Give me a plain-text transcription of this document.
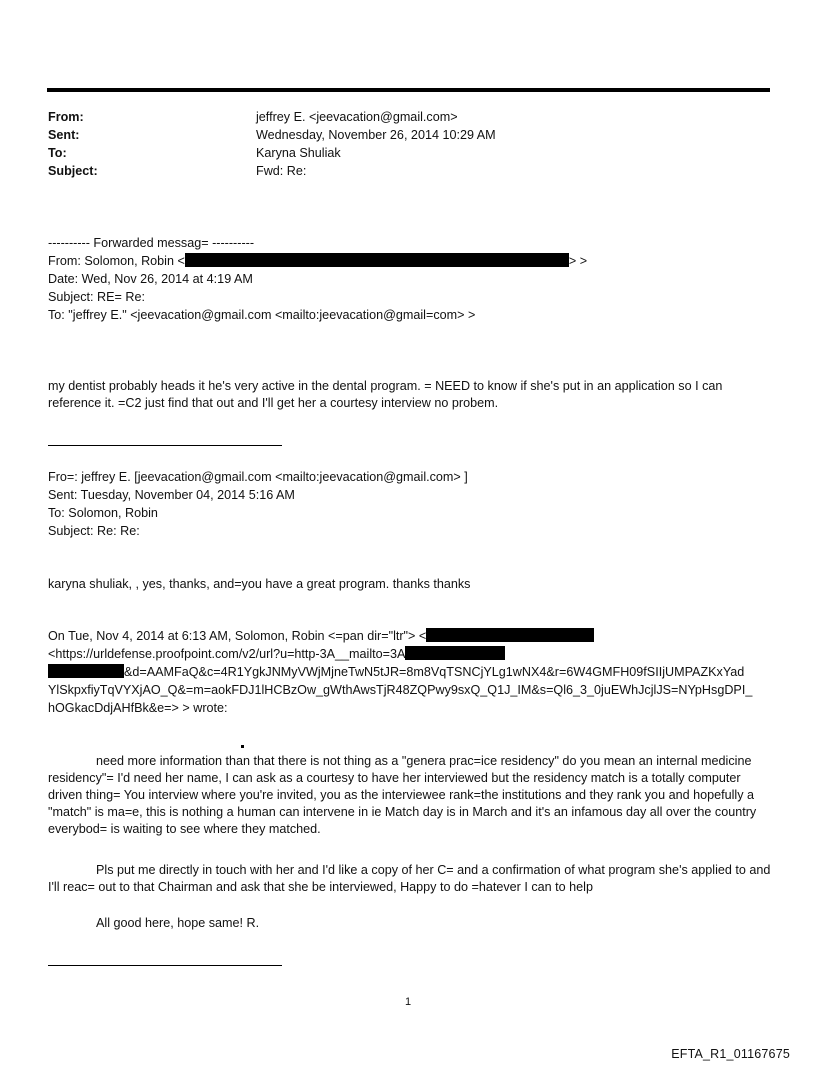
From:	jeffrey E. <jeevacation@gmail.com>
Sent:	Wednesday, November 26, 2014 10:29 AM
To:	Karyna Shuliak
Subject:	Fwd: Re:
---------- Forwarded messag= ----------
From: Solomon, Robin <	> >
Date: Wed, Nov 26, 2014 at 4:19 AM
Subject: RE= Re:
To: "jeffrey E." <jeevacation@gmail.com <mailto:jeevacation@gmail=com> >
my dentist probably heads it he's very active in the dental program. = NEED to know if she's put in an application so I can reference it. =C2 just find that out and I'll get her a courtesy interview no probem.
Fro=: jeffrey E. [jeevacation@gmail.com <mailto:jeevacation@gmail.com> ]
Sent: Tuesday, November 04, 2014 5:16 AM
To: Solomon, Robin
Subject: Re: Re:
karyna shuliak, , yes, thanks, and=you have a great program. thanks thanks
On Tue, Nov 4, 2014 at 6:13 AM, Solomon, Robin <=pan dir="ltr"> <
<https://urldefense.proofpoint.com/v2/url?u=http-3A__mailto=3A
&d=AAMFaQ&c=4R1YgkJNMyVWjMjneTwN5tJR=8m8VqTSNCjYLg1wNX4&r=6W4GMFH09fSIIjUMPAZKxYad
YlSkpxfiyTqVYXjAO_Q&=m=aokFDJ1lHCBzOw_gWthAwsTjR48ZQPwy9sxQ_Q1J_IM&s=Ql6_3_0juEWhJcjlJS=NYpHsgDPI_
hOGkacDdjAHfBk&e=> > wrote:
need more information than that there is not thing as a "genera prac=ice residency" do you mean an internal medicine residency"= I'd need her name, I can ask as a courtesy to have her interviewed but the residency match is a totally computer driven thing= You interview where you're invited, you as the interviewee rank=the institutions and they rank you and hopefully a "match" is ma=e, this is nothing a human can intervene in ie Match day is in March and it's an infamous day all over the country everybod= is waiting to see where they matched.
Pls put me directly in touch with her and I'd like a copy of her C= and a confirmation of what program she's applied to and I'll reac= out to that Chairman and ask that she be interviewed, Happy to do =hatever I can to help
All good here, hope same! R.
1
EFTA_R1_01167675
